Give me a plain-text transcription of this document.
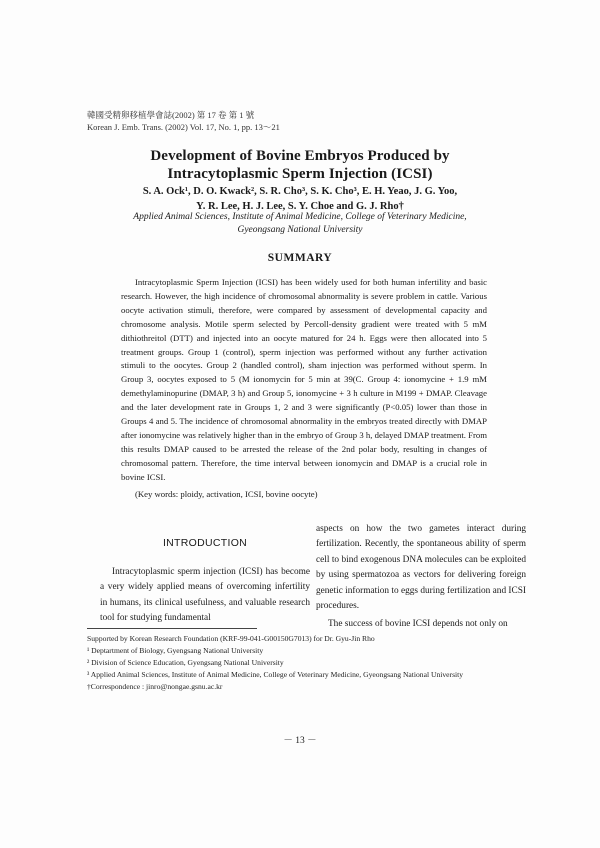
韓國受精卵移植學會誌(2002) 第 17 卷 第 1 號
Korean J. Emb. Trans. (2002) Vol. 17, No. 1, pp. 13～21
Development of Bovine Embryos Produced by
Intracytoplasmic Sperm Injection (ICSI)
S. A. Ock¹, D. O. Kwack², S. R. Cho³, S. K. Cho³, E. H. Yeao, J. G. Yoo,
Y. R. Lee, H. J. Lee, S. Y. Choe and G. J. Rho†
Applied Animal Sciences, Institute of Animal Medicine, College of Veterinary Medicine,
Gyeongsang National University
SUMMARY

Intracytoplasmic Sperm Injection (ICSI) has been widely used for both human infertility and basic research. However, the high incidence of chromosomal abnormality is severe problem in cattle. Various oocyte activation stimuli, therefore, were compared by assessment of developmental capacity and chromosome analysis. Motile sperm selected by Percoll-density gradient were treated with 5 mM dithiothreitol (DTT) and injected into an oocyte matured for 24 h. Eggs were then allocated into 5 treatment groups. Group 1 (control), sperm injection was performed without any further activation stimuli to the oocytes. Group 2 (handled control), sham injection was performed without sperm. In Group 3, oocytes exposed to 5 (M ionomycin for 5 min at 39(C. Group 4: ionomycine + 1.9 mM demethylaminopurine (DMAP, 3 h) and Group 5, ionomycine + 3 h culture in M199 + DMAP. Cleavage and the later development rate in Groups 1, 2 and 3 were significantly (P<0.05) lower than those in Groups 4 and 5. The incidence of chromosomal abnormality in the embryos treated directly with DMAP after ionomycine was relatively higher than in the embryo of Group 3 h, delayed DMAP treatment. From this results DMAP caused to be arrested the release of the 2nd polar body, resulting in changes of chromosomal pattern. Therefore, the time interval between ionomycin and DMAP is a crucial role in bovine ICSI.

(Key words: ploidy, activation, ICSI, bovine oocyte)
INTRODUCTION

Intracytoplasmic sperm injection (ICSI) has become a very widely applied means of overcoming infertility in humans, its clinical usefulness, and valuable research tool for studying fundamental

aspects on how the two gametes interact during fertilization. Recently, the spontaneous ability of sperm cell to bind exogenous DNA molecules can be exploited by using spermatozoa as vectors for delivering foreign genetic information to eggs during fertilization and ICSI procedures.

The success of bovine ICSI depends not only on

Supported by Korean Research Foundation (KRF-99-041-G00150G7013) for Dr. Gyu-Jin Rho
¹ Deptartment of Biology, Gyengsang National University
² Division of Science Education, Gyengsang National University
³ Applied Animal Sciences, Institute of Animal Medicine, College of Veterinary Medicine, Gyeongsang National University
†Correspondence : jinro@nongae.gsnu.ac.kr
－ 13 －
